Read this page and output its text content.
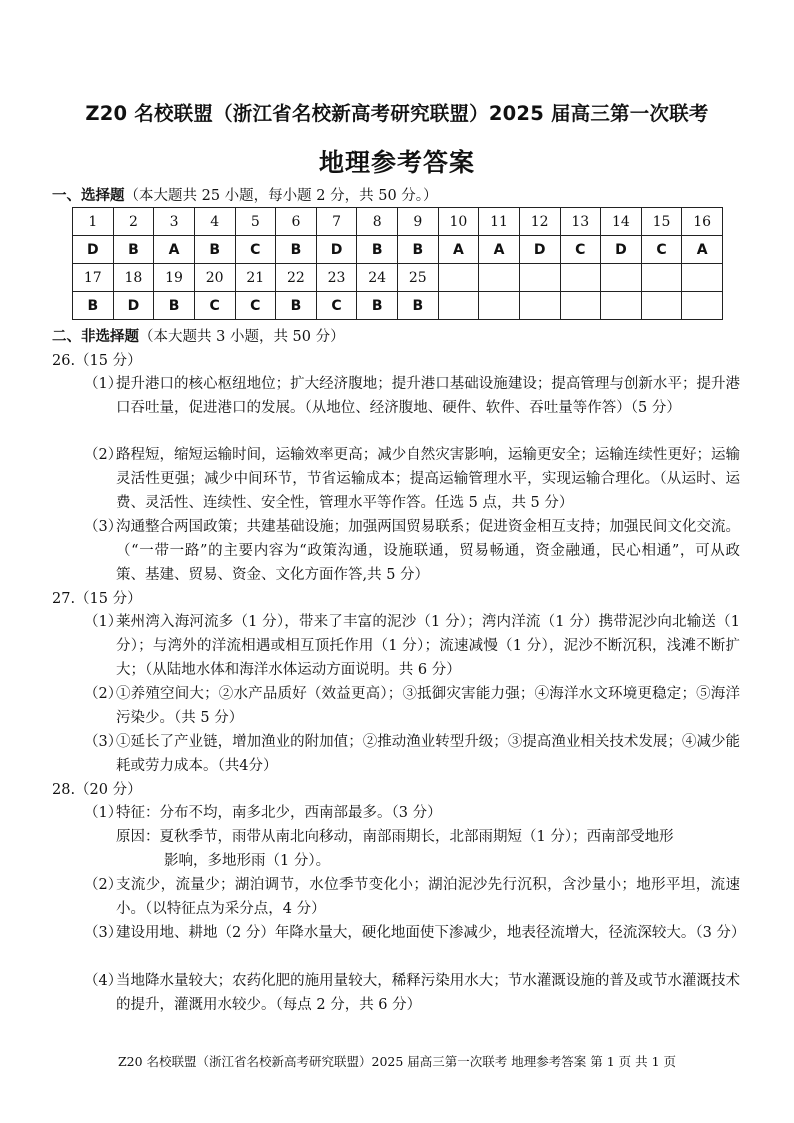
Z20 名校联盟（浙江省名校新高考研究联盟）2025 届高三第一次联考
地理参考答案
一、选择题（本大题共 25 小题，每小题 2 分，共 50 分。）
1	2	3	4	5	6	7	8	9	10	11	12	13	14	15	16
D	B	A	B	C	B	D	B	B	A	A	D	C	D	C	A
17	18	19	20	21	22	23	24	25							
B	D	B	C	C	B	C	B	B							
二、非选择题（本大题共 3 小题，共 50 分）
26.（15 分）
（1）
提升港口的核心枢纽地位；扩大经济腹地；提升港口基础设施建设；提高管理与创新水平；提升港口吞吐量，促进港口的发展。（从地位、经济腹地、硬件、软件、吞吐量等作答）（5 分）
（2）
路程短，缩短运输时间，运输效率更高；减少自然灾害影响，运输更安全；运输连续性更好；运输灵活性更强；减少中间环节，节省运输成本；提高运输管理水平，实现运输合理化。（从运时、运费、灵活性、连续性、安全性，管理水平等作答。任选 5 点，共 5 分）
（3）
沟通整合两国政策；共建基础设施；加强两国贸易联系；促进资金相互支持；加强民间文化交流。（“一带一路”的主要内容为“政策沟通，设施联通，贸易畅通，资金融通，民心相通”，可从政策、基建、贸易、资金、文化方面作答,共 5 分）
27.（15 分）
（1）
莱州湾入海河流多（1 分），带来了丰富的泥沙（1 分）；湾内洋流（1 分）携带泥沙向北输送（1 分）；与湾外的洋流相遇或相互顶托作用（1 分）；流速减慢（1 分），泥沙不断沉积，浅滩不断扩大；（从陆地水体和海洋水体运动方面说明。共 6 分）
（2）
①养殖空间大；②水产品质好（效益更高）；③抵御灾害能力强；④海洋水文环境更稳定；⑤海洋污染少。（共 5 分）
（3）
①延长了产业链，增加渔业的附加值；②推动渔业转型升级；③提高渔业相关技术发展；④减少能耗或劳力成本。（共4分）
28.（20 分）
（1）
特征：分布不均，南多北少，西南部最多。（3 分）
原因：夏秋季节，雨带从南北向移动，南部雨期长，北部雨期短（1 分）；西南部受地形
影响，多地形雨（1 分）。
（2）
支流少，流量少；湖泊调节，水位季节变化小；湖泊泥沙先行沉积，含沙量小；地形平坦，流速小。（以特征点为采分点，4 分）
（3）
建设用地、耕地（2 分）年降水量大，硬化地面使下渗减少，地表径流增大，径流深较大。（3 分）
（4）
当地降水量较大；农药化肥的施用量较大，稀释污染用水大；节水灌溉设施的普及或节水灌溉技术的提升，灌溉用水较少。（每点 2 分，共 6 分）
Z20 名校联盟（浙江省名校新高考研究联盟）2025 届高三第一次联考 地理参考答案 第 1 页 共 1 页
